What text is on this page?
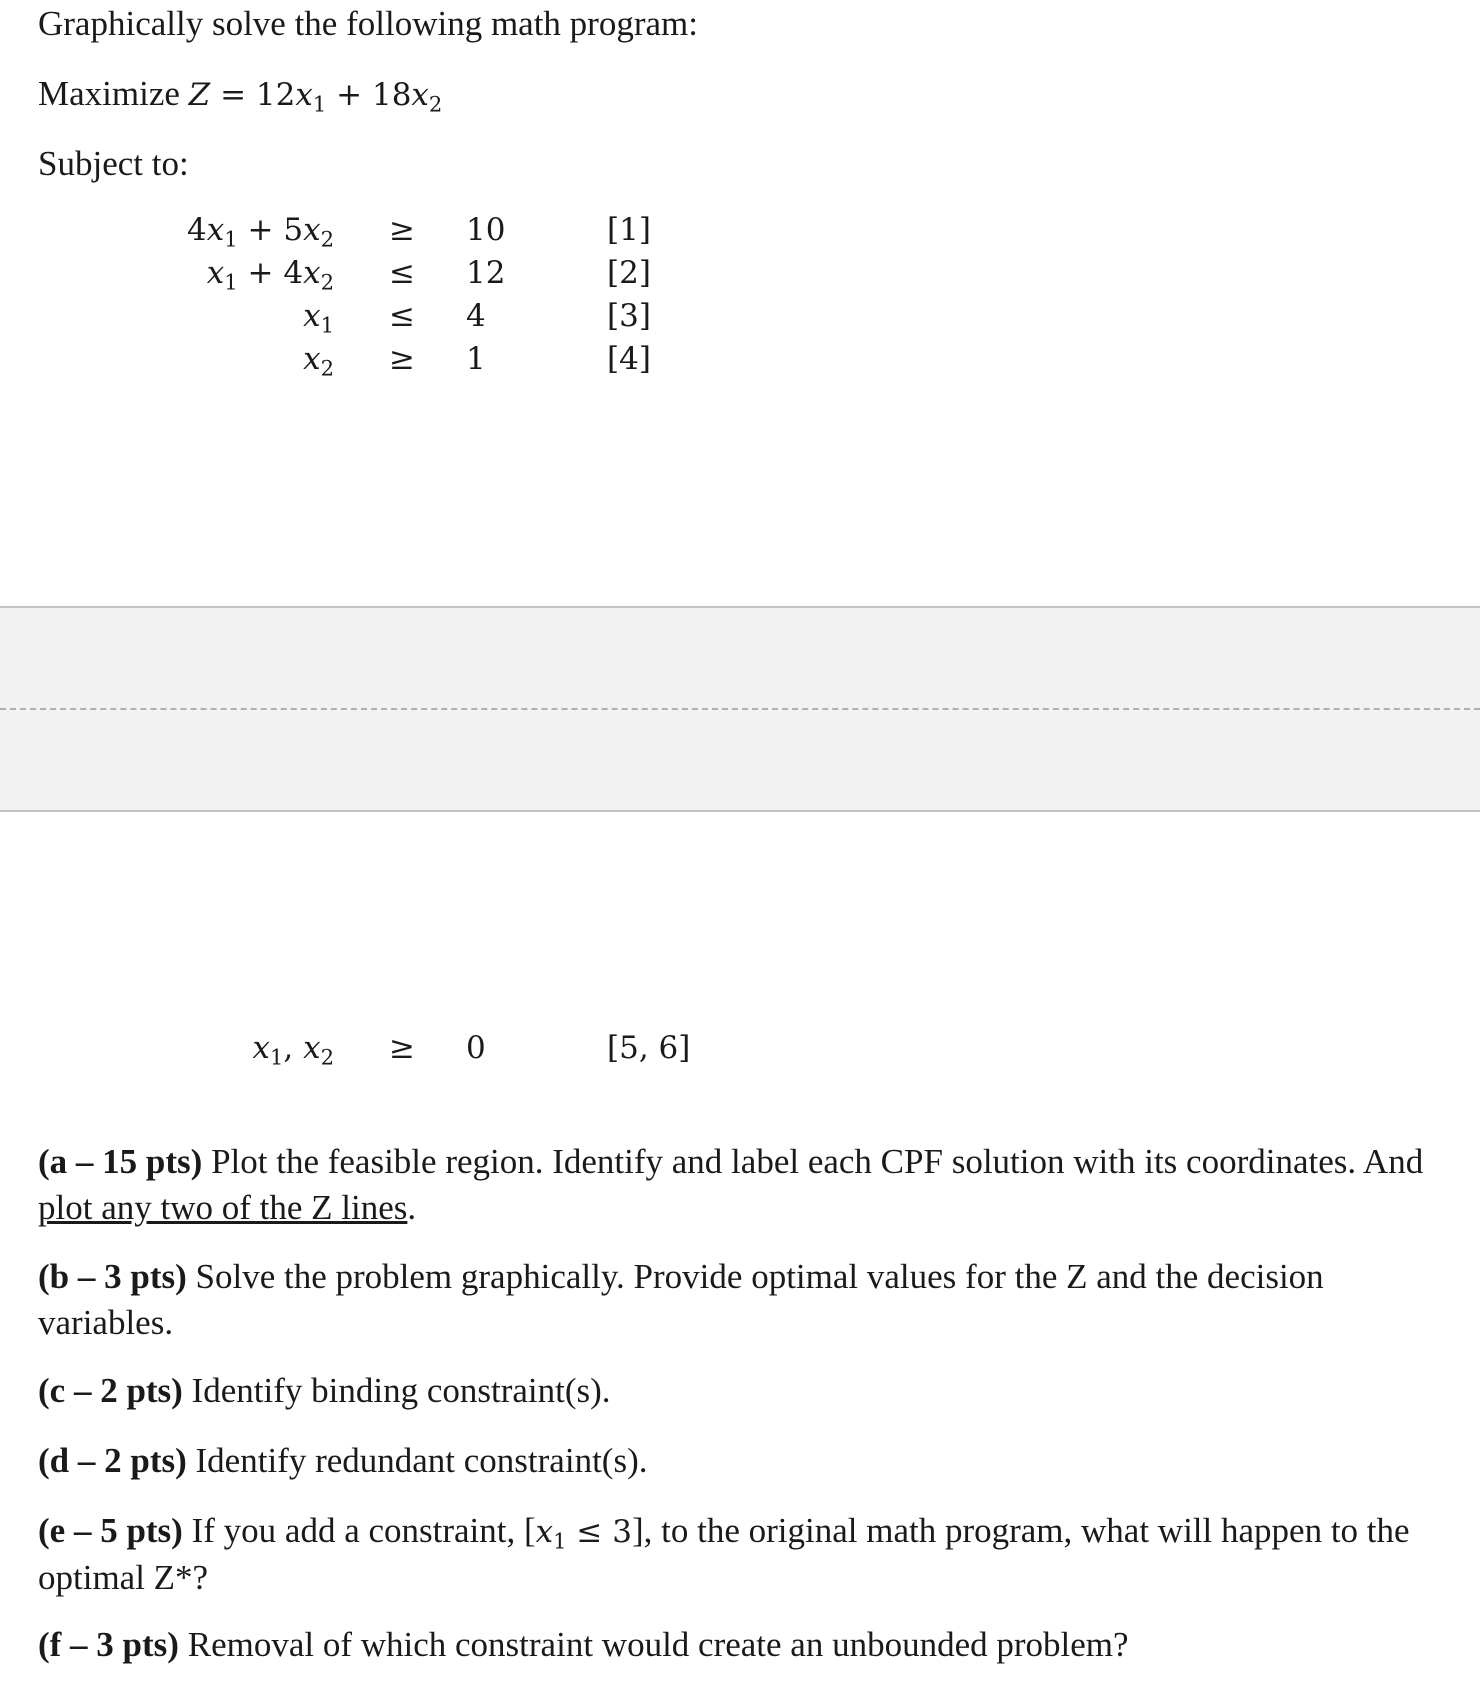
Graphically solve the following math program:
Maximize $Z = 12x_1 + 18x_2$
Subject to:
$4x_1 + 5x_2 \ge 10$	[1]
$x_1 + 4x_2 \le 12$	[2]
$x_1 \le 4$	[3]
$x_2 \ge 1$	[4]
$x_1$, $x_2 \ge 0$	[5, 6]
(a – 15 pts) Plot the feasible region. Identify and label each CPF solution with its coordinates. And plot any two of the Z lines.
(b – 3 pts) Solve the problem graphically. Provide optimal values for the Z and the decision variables.
(c – 2 pts) Identify binding constraint(s).
(d – 2 pts) Identify redundant constraint(s).
(e – 5 pts) If you add a constraint, $[x_1 \le 3]$, to the original math program, what will happen to the optimal Z*?
(f – 3 pts) Removal of which constraint would create an unbounded problem?
